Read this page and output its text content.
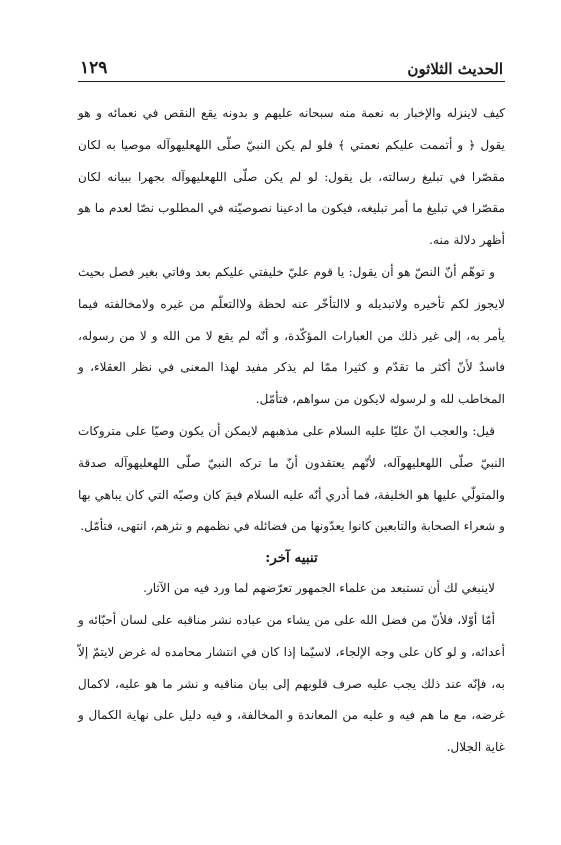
الحديث الثلاثون
١٢٩

كيف لاينزله والإخبار به نعمة منه سبحانه عليهم و بدونه يقع النقص في نعمائه و هو يقول ﴿ و أتممت عليكم نعمتي ﴾ فلو لم يكن النبيّ صلّى اللهعليهوآله موصيا به لكان مقصّرا في تبليغ رسالته، بل يقول: لو لم يكن صلّى اللهعليهوآله بجهرا ببيانه لكان مقصّرا في تبليغ ما أمر تبليغه، فيكون ما ادعينا نصوصيّته في المطلوب نصّا لعدم ما هو أظهر دلالة منه.

و توهّم أنّ النصّ هو أن يقول: يا قوم عليّ خليفتي عليكم بعد وفاتي بغير فصل بحيث لايجوز لكم تأخيره ولاتبديله و لاالتأخّر عنه لحظة ولاالتعلّم من غيره ولامخالفته فيما يأمر به، إلى غير ذلك من العبارات المؤكّدة، و أنّه لم يقع لا من الله و لا من رسوله، فاسدٌ لأنّ أكثر ما تقدّم و كثيرا ممّا لم يذكر مفيد لهذا المعنى في نظر العقلاء، و المخاطب لله و لرسوله لايكون من سواهم، فتأمّل.

قيل: والعجب انّ عليّا عليه السلام على مذهبهم لايمكن أن يكون وصيّا على متروكات النبيّ صلّى اللهعليهوآله، لأنّهم يعتقدون أنّ ما تركه النبيّ صلّى اللهعليهوآله صدقة والمتولّي عليها هو الخليفة، فما أدري أنّه عليه السلام فيمَ كان وصيّه التي كان يباهي بها و شعراء الصحابة والتابعين كانوا يعدّونها من فضائله في نظمهم و نثرهم، انتهى، فتأمّل.

تنبيه آخر:

لاينبغي لك أن تستبعد من علماء الجمهور تعرّضهم لما ورد فيه من الآثار.

أمّا أوّلا، فلأنّ من فضل الله على من يشاء من عباده نشر مناقبه على لسان أحبّائه و أعدائه، و لو كان على وجه الإلجاء، لاسيّما إذا كان في انتشار محامده له غرض لايتمّ إلاّ به، فإنّه عند ذلك يجب عليه صرف قلوبهم إلى بيان مناقبه و نشر ما هو عليه، لاكمال غرضه، مع ما هم فيه و عليه من المعاندة و المخالفة، و فيه دليل على نهاية الكمال و غاية الجلال.
